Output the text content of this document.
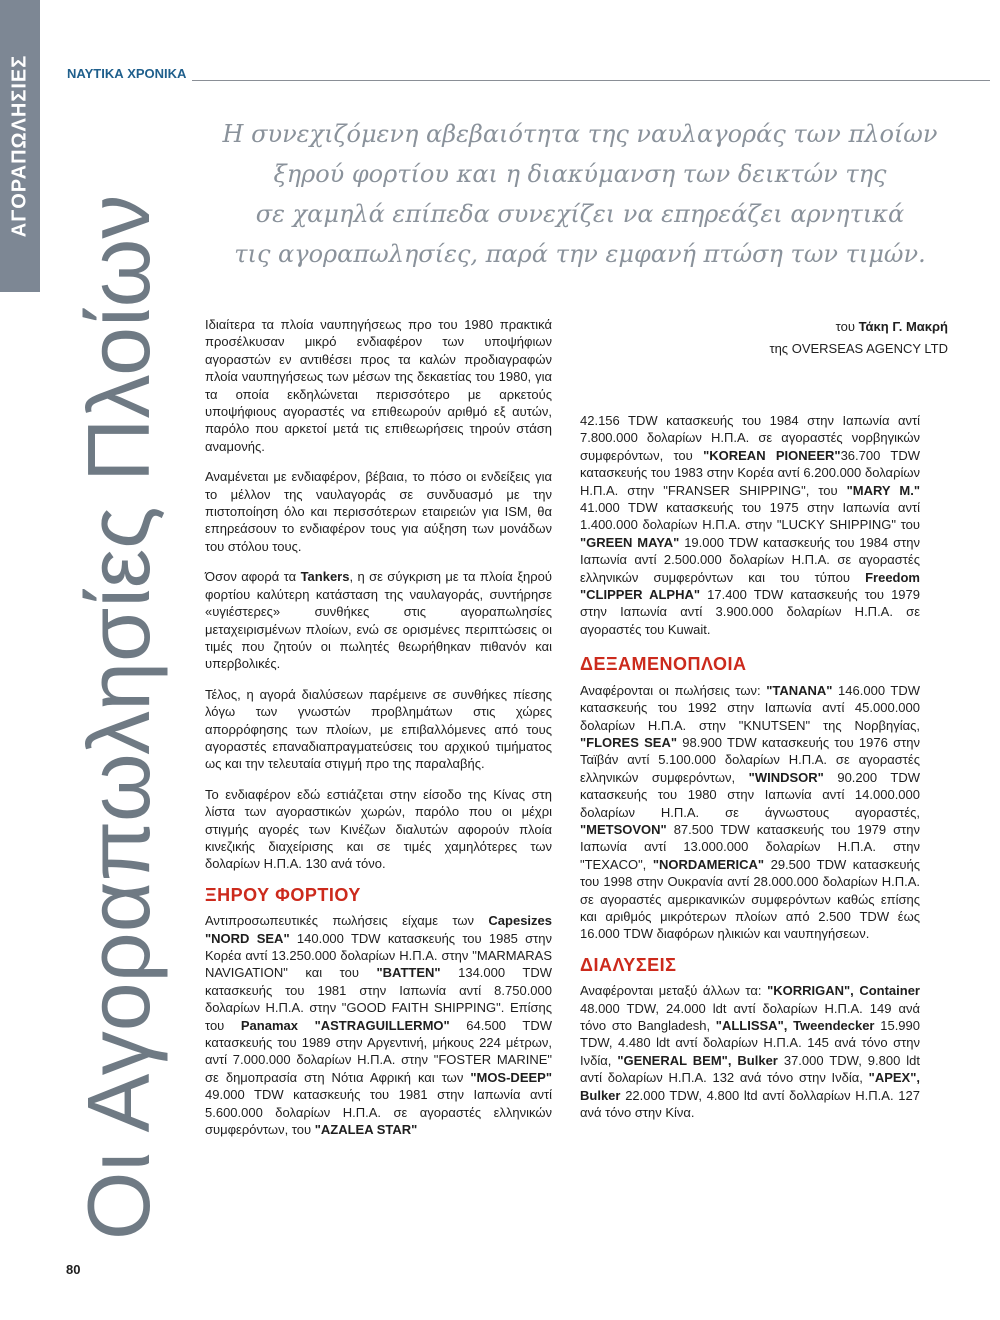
ΑΓΟΡΑΠΩΛΗΣΙΕΣ	ΝΑΥΤΙΚΑ ΧΡΟΝΙΚΑ
Οι Αγοραπωλησίες Πλοίων
Η συνεχιζόμενη αβεβαιότητα της ναυλαγοράς των πλοίων
ξηρού φορτίου και η διακύμανση των δεικτών της
σε χαμηλά επίπεδα συνεχίζει να επηρεάζει αρνητικά
τις αγοραπωλησίες, παρά την εμφανή πτώση των τιμών.
του Τάκη Γ. Μακρή
της OVERSEAS AGENCY LTD

Ιδιαίτερα τα πλοία ναυπηγήσεως προ του 1980 πρακτικά προσέλκυσαν μικρό ενδιαφέρον των υποψήφιων αγοραστών εν αντιθέσει προς τα καλών προδιαγραφών πλοία ναυπηγήσεως των μέσων της δεκαετίας του 1980, για τα οποία εκδηλώνεται περισσότερο με αρκετούς υποψήφιους αγοραστές να επιθεωρούν αριθμό εξ αυτών, παρόλο που αρκετοί μετά τις επιθεωρήσεις τηρούν στάση αναμονής.

Αναμένεται με ενδιαφέρον, βέβαια, το πόσο οι ενδείξεις για το μέλλον της ναυλαγοράς σε συνδυασμό με την πιστοποίηση όλο και περισσότερων εταιρειών για ISM, θα επηρεάσουν το ενδιαφέρον τους για αύξηση των μονάδων του στόλου τους.

Όσον αφορά τα Tankers, η σε σύγκριση με τα πλοία ξηρού φορτίου καλύτερη κατάσταση της ναυλαγοράς, συντήρησε «υγιέστερες» συνθήκες στις αγοραπωλησίες μεταχειρισμένων πλοίων, ενώ σε ορισμένες περιπτώσεις οι τιμές που ζητούν οι πωλητές θεωρήθηκαν πιθανόν και υπερβολικές.

Τέλος, η αγορά διαλύσεων παρέμεινε σε συνθήκες πίεσης λόγω των γνωστών προβλημάτων στις χώρες απορρόφησης των πλοίων, με επιβαλλόμενες από τους αγοραστές επαναδιαπραγματεύσεις του αρχικού τιμήματος ως και την τελευταία στιγμή προ της παραλαβής.

Το ενδιαφέρον εδώ εστιάζεται στην είσοδο της Κίνας στη λίστα των αγοραστικών χωρών, παρόλο που οι μέχρι στιγμής αγορές των Κινέζων διαλυτών αφορούν πλοία κινεζικής διαχείρισης και σε τιμές χαμηλότερες των δολαρίων Η.Π.Α. 130 ανά τόνο.

ΞΗΡΟΥ ΦΟΡΤΙΟΥ

Αντιπροσωπευτικές πωλήσεις είχαμε των Capesizes "NORD SEA" 140.000 TDW κατασκευής του 1985 στην Κορέα αντί 13.250.000 δολαρίων Η.Π.Α. στην "MARMARAS NAVIGATION" και του "BATTEN" 134.000 TDW κατασκευής του 1981 στην Ιαπωνία αντί 8.750.000 δολαρίων Η.Π.Α. στην "GOOD FAITH SHIPPING". Επίσης του Panamax "ASTRAGUILLERMO" 64.500 TDW κατασκευής του 1989 στην Αργεντινή, μήκους 224 μέτρων, αντί 7.000.000 δολαρίων Η.Π.Α. στην "FOSTER MARINE" σε δημοπρασία στη Νότια Αφρική και των "MOS-DEEP" 49.000 TDW κατασκευής του 1981 στην Ιαπωνία αντί 5.600.000 δολαρίων Η.Π.Α. σε αγοραστές ελληνικών συμφερόντων, του "AZALEA STAR"

42.156 TDW κατασκευής του 1984 στην Ιαπωνία αντί 7.800.000 δολαρίων Η.Π.Α. σε αγοραστές νορβηγικών συμφερόντων, του "KOREAN PIONEER"36.700 TDW κατασκευής του 1983 στην Κορέα αντί 6.200.000 δολαρίων Η.Π.Α. στην "FRANSER SHIPPING", του "MARY M." 41.000 TDW κατασκευής του 1975 στην Ιαπωνία αντί 1.400.000 δολαρίων Η.Π.Α. στην "LUCKY SHIPPING" του "GREEN MAYA" 19.000 TDW κατασκευής του 1984 στην Ιαπωνία αντί 2.500.000 δολαρίων Η.Π.Α. σε αγοραστές ελληνικών συμφερόντων και του τύπου Freedom "CLIPPER ALPHA" 17.400 TDW κατασκευής του 1979 στην Ιαπωνία αντί 3.900.000 δολαρίων Η.Π.Α. σε αγοραστές του Kuwait.

ΔΕΞΑΜΕΝΟΠΛΟΙΑ

Αναφέρονται οι πωλήσεις των: "TANANA" 146.000 TDW κατασκευής του 1992 στην Ιαπωνία αντί 45.000.000 δολαρίων Η.Π.Α. στην "KNUTSEN" της Νορβηγίας, "FLORES SEA" 98.900 TDW κατασκευής του 1976 στην Ταϊβάν αντί 5.100.000 δολαρίων Η.Π.Α. σε αγοραστές ελληνικών συμφερόντων, "WINDSOR" 90.200 TDW κατασκευής του 1980 στην Ιαπωνία αντί 14.000.000 δολαρίων Η.Π.Α. σε άγνωστους αγοραστές, "METSOVON" 87.500 TDW κατασκευής του 1979 στην Ιαπωνία αντί 13.000.000 δολαρίων Η.Π.Α. στην "TEXACO", "NORDAMERICA" 29.500 TDW κατασκευής του 1998 στην Ουκρανία αντί 28.000.000 δολαρίων Η.Π.Α. σε αγοραστές αμερικανικών συμφερόντων καθώς επίσης και αριθμός μικρότερων πλοίων από 2.500 TDW έως 16.000 TDW διαφόρων ηλικιών και ναυπηγήσεων.

ΔΙΑΛΥΣΕΙΣ

Αναφέρονται μεταξύ άλλων τα: "KORRIGAN", Container 48.000 TDW, 24.000 ldt αντί δολαρίων Η.Π.Α. 149 ανά τόνο στο Bangladesh, "ALLISSA", Tweendecker 15.990 TDW, 4.480 ldt αντί δολαρίων Η.Π.Α. 145 ανά τόνο στην Ινδία, "GENERAL BEM", Bulker 37.000 TDW, 9.800 ldt αντί δολαρίων Η.Π.Α. 132 ανά τόνο στην Ινδία, "APEX", Bulker 22.000 TDW, 4.800 ltd αντί δολλαρίων Η.Π.Α. 127 ανά τόνο στην Κίνα.

80
